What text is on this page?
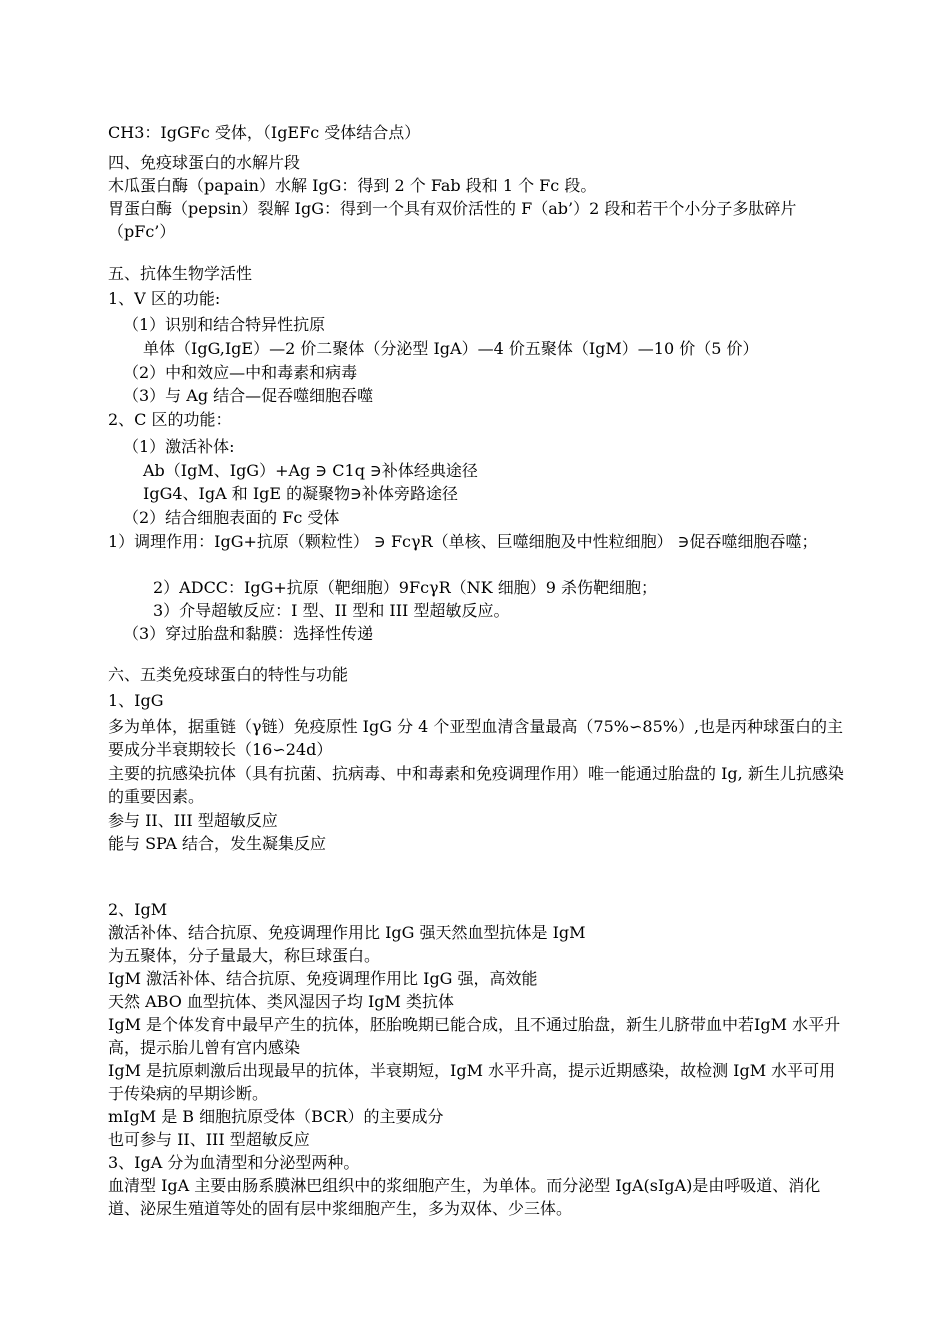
CH3：IgGFc 受体，（IgEFc 受体结合点）
四、免疫球蛋白的水解片段
木瓜蛋白酶（papain）水解 IgG：得到 2 个 Fab 段和 1 个 Fc 段。
胃蛋白酶（pepsin）裂解 IgG：得到一个具有双价活性的 F（ab’）2 段和若干个小分子多肽碎片（pFc’）
五、抗体生物学活性
1、V 区的功能:
（1）识别和结合特异性抗原
单体（IgG,IgE）—2 价二聚体（分泌型 IgA）—4 价五聚体（IgM）—10 价（5 价）
（2）中和效应—中和毒素和病毒
（3）与 Ag 结合—促吞噬细胞吞噬
2、C 区的功能：
（1）激活补体:
Ab（IgM、IgG）+Ag ∋ C1q ∋补体经典途径
IgG4、IgA 和 IgE 的凝聚物∋补体旁路途径
（2）结合细胞表面的 Fc 受体
1）调理作用：IgG+抗原（颗粒性） ∋ FcγR（单核、巨噬细胞及中性粒细胞） ∋促吞噬细胞吞噬；
2）ADCC：IgG+抗原（靶细胞）9FcγR（NK 细胞）9 杀伤靶细胞；
3）介导超敏反应：I 型、II 型和 III 型超敏反应。
（3）穿过胎盘和黏膜：选择性传递
六、五类免疫球蛋白的特性与功能
1、IgG
多为单体，据重链（γ链）免疫原性 IgG 分 4 个亚型血清含量最高（75%∽85%）,也是丙种球蛋白的主要成分半衰期较长（16∽24d）
主要的抗感染抗体（具有抗菌、抗病毒、中和毒素和免疫调理作用）唯一能通过胎盘的 Ig, 新生儿抗感染的重要因素。
参与 II、III 型超敏反应
能与 SPA 结合，发生凝集反应
2、IgM
激活补体、结合抗原、免疫调理作用比 IgG 强天然血型抗体是 IgM
为五聚体，分子量最大，称巨球蛋白。
IgM 激活补体、结合抗原、免疫调理作用比 IgG 强，高效能
天然 ABO 血型抗体、类风湿因子均 IgM 类抗体
IgM 是个体发育中最早产生的抗体，胚胎晚期已能合成，且不通过胎盘，新生儿脐带血中若IgM 水平升高，提示胎儿曾有宫内感染
IgM 是抗原刺激后出现最早的抗体，半衰期短，IgM 水平升高，提示近期感染，故检测 IgM 水平可用于传染病的早期诊断。
mIgM 是 B 细胞抗原受体（BCR）的主要成分
也可参与 II、III 型超敏反应
3、IgA 分为血清型和分泌型两种。
血清型 IgA 主要由肠系膜淋巴组织中的浆细胞产生，为单体。而分泌型 IgA(sIgA)是由呼吸道、消化道、泌尿生殖道等处的固有层中浆细胞产生，多为双体、少三体。
